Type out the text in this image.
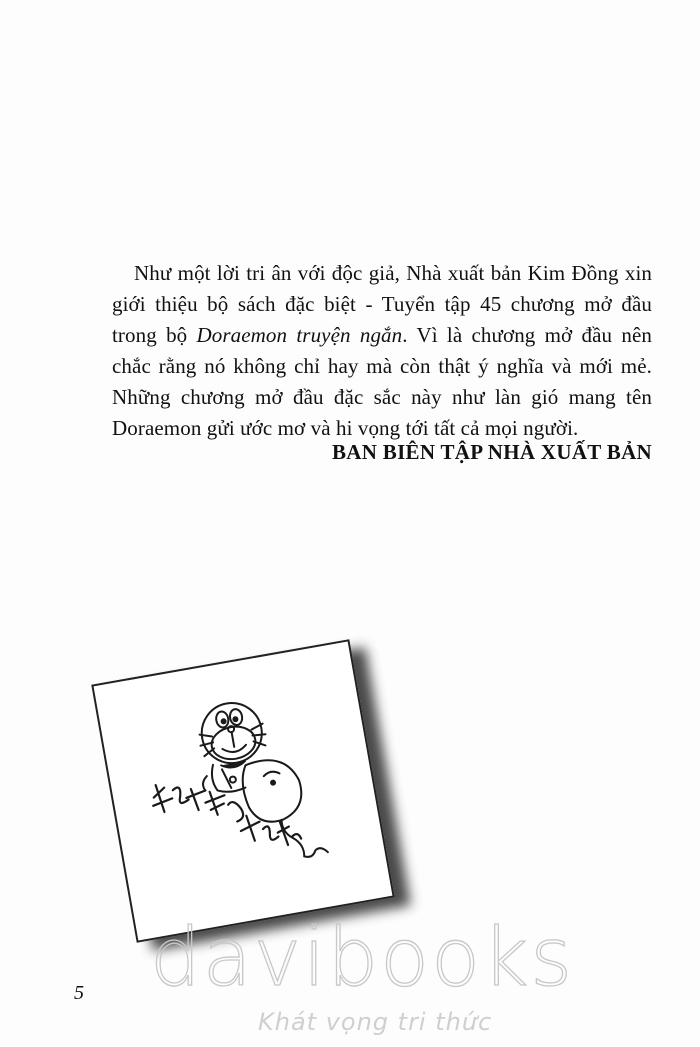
Như một lời tri ân với độc giả, Nhà xuất bản Kim Đồng xin giới thiệu bộ sách đặc biệt - Tuyển tập 45 chương mở đầu trong bộ Doraemon truyện ngắn. Vì là chương mở đầu nên chắc rằng nó không chỉ hay mà còn thật ý nghĩa và mới mẻ. Những chương mở đầu đặc sắc này như làn gió mang tên Doraemon gửi ước mơ và hi vọng tới tất cả mọi người.

BAN BIÊN TẬP NHÀ XUẤT BẢN
5 davibooks
Khát vọng tri thức
